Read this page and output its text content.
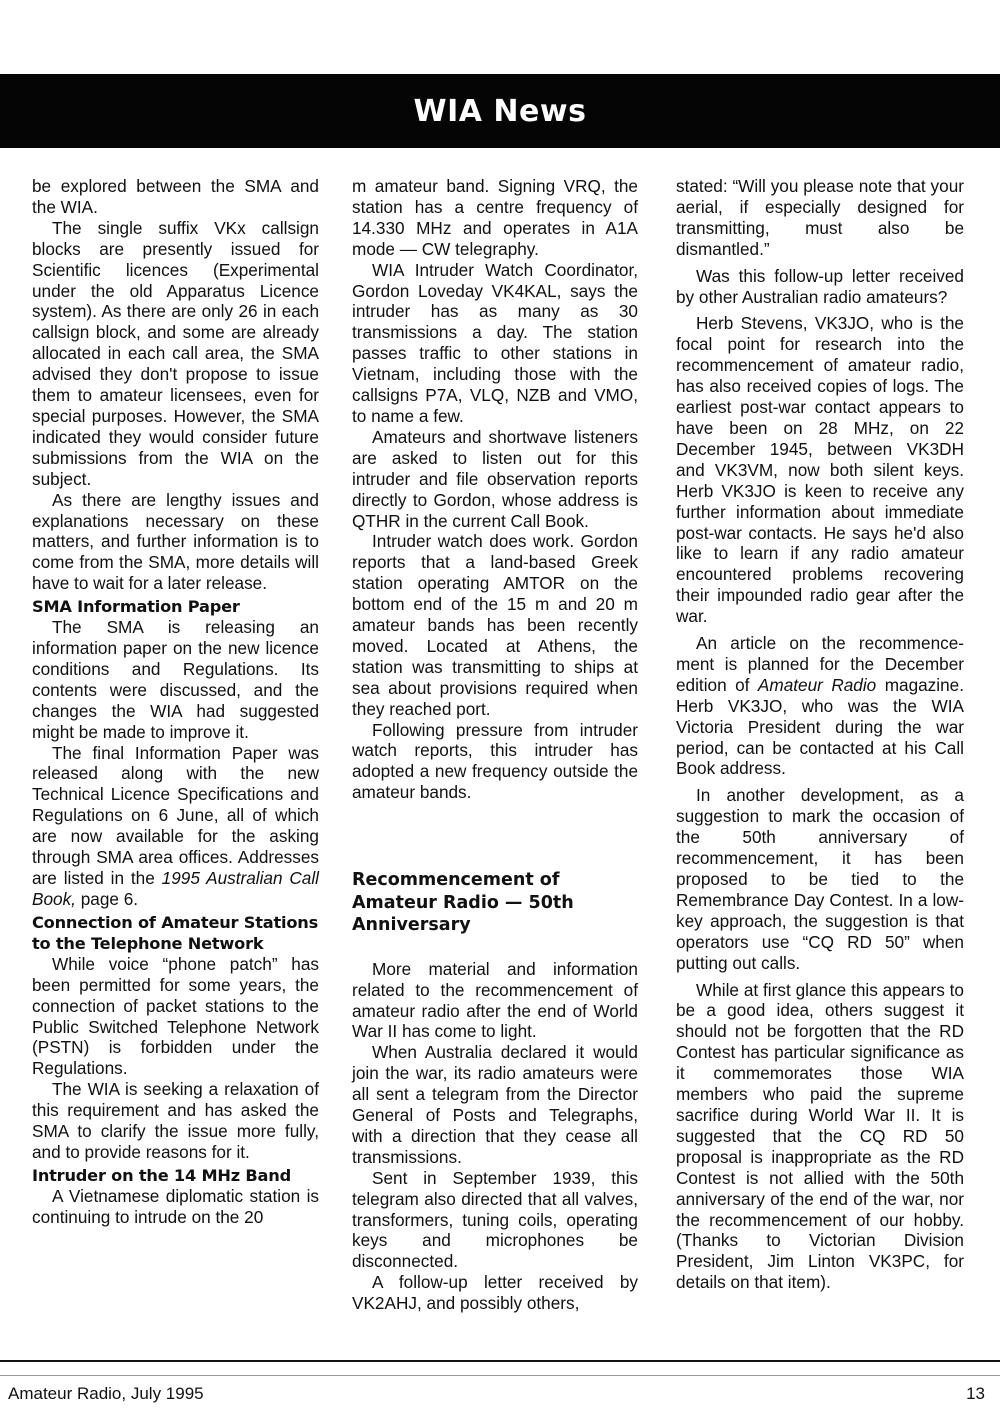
WIA News

be explored between the SMA and the WIA.

The single suffix VKx callsign blocks are presently issued for Scientific licences (Experimental under the old Apparatus Licence system). As there are only 26 in each callsign block, and some are already allocated in each call area, the SMA advised they don't propose to issue them to amateur licensees, even for special purposes. However, the SMA indicated they would consider future submissions from the WIA on the subject.

As there are lengthy issues and explanations necessary on these matters, and further information is to come from the SMA, more details will have to wait for a later release.

SMA Information Paper

The SMA is releasing an information paper on the new licence conditions and Regulations. Its contents were discussed, and the changes the WIA had suggested might be made to improve it.

The final Information Paper was released along with the new Technical Licence Specifications and Regulations on 6 June, all of which are now available for the asking through SMA area offices. Addresses are listed in the 1995 Australian Call Book, page 6.

Connection of Amateur Stations to the Telephone Network

While voice “phone patch” has been permitted for some years, the connection of packet stations to the Public Switched Telephone Network (PSTN) is forbidden under the Regulations.

The WIA is seeking a relaxation of this requirement and has asked the SMA to clarify the issue more fully, and to provide reasons for it.

Intruder on the 14 MHz Band

A Vietnamese diplomatic station is continuing to intrude on the 20

m amateur band. Signing VRQ, the station has a centre frequency of 14.330 MHz and operates in A1A mode — CW telegraphy.

WIA Intruder Watch Coordinator, Gordon Loveday VK4KAL, says the intruder has as many as 30 transmissions a day. The station passes traffic to other stations in Vietnam, including those with the callsigns P7A, VLQ, NZB and VMO, to name a few.

Amateurs and shortwave listeners are asked to listen out for this intruder and file observation reports directly to Gordon, whose address is QTHR in the current Call Book.

Intruder watch does work. Gordon reports that a land-based Greek station operating AMTOR on the bottom end of the 15 m and 20 m amateur bands has been recently moved. Located at Athens, the station was transmitting to ships at sea about provisions required when they reached port.

Following pressure from intruder watch reports, this intruder has adopted a new frequency outside the amateur bands.

Recommencement of Amateur Radio — 50th Anniversary

More material and information related to the recommencement of amateur radio after the end of World War II has come to light.

When Australia declared it would join the war, its radio amateurs were all sent a telegram from the Director General of Posts and Telegraphs, with a direction that they cease all transmissions.

Sent in September 1939, this telegram also directed that all valves, transformers, tuning coils, operating keys and microphones be disconnected.

A follow-up letter received by VK2AHJ, and possibly others,

stated: “Will you please note that your aerial, if especially designed for transmitting, must also be dismantled.”

Was this follow-up letter received by other Australian radio amateurs?

Herb Stevens, VK3JO, who is the focal point for research into the recommencement of amateur radio, has also received copies of logs. The earliest post-war contact appears to have been on 28 MHz, on 22 December 1945, between VK3DH and VK3VM, now both silent keys. Herb VK3JO is keen to receive any further information about immediate post-war contacts. He says he'd also like to learn if any radio amateur encountered problems recovering their impounded radio gear after the war.

An article on the recommence-ment is planned for the December edition of Amateur Radio magazine. Herb VK3JO, who was the WIA Victoria President during the war period, can be contacted at his Call Book address.

In another development, as a suggestion to mark the occasion of the 50th anniversary of recommencement, it has been proposed to be tied to the Remembrance Day Contest. In a low-key approach, the suggestion is that operators use “CQ RD 50” when putting out calls.

While at first glance this appears to be a good idea, others suggest it should not be forgotten that the RD Contest has particular significance as it commemorates those WIA members who paid the supreme sacrifice during World War II. It is suggested that the CQ RD 50 proposal is inappropriate as the RD Contest is not allied with the 50th anniversary of the end of the war, nor the recommencement of our hobby. (Thanks to Victorian Division President, Jim Linton VK3PC, for details on that item).

Amateur Radio, July 1995	13
